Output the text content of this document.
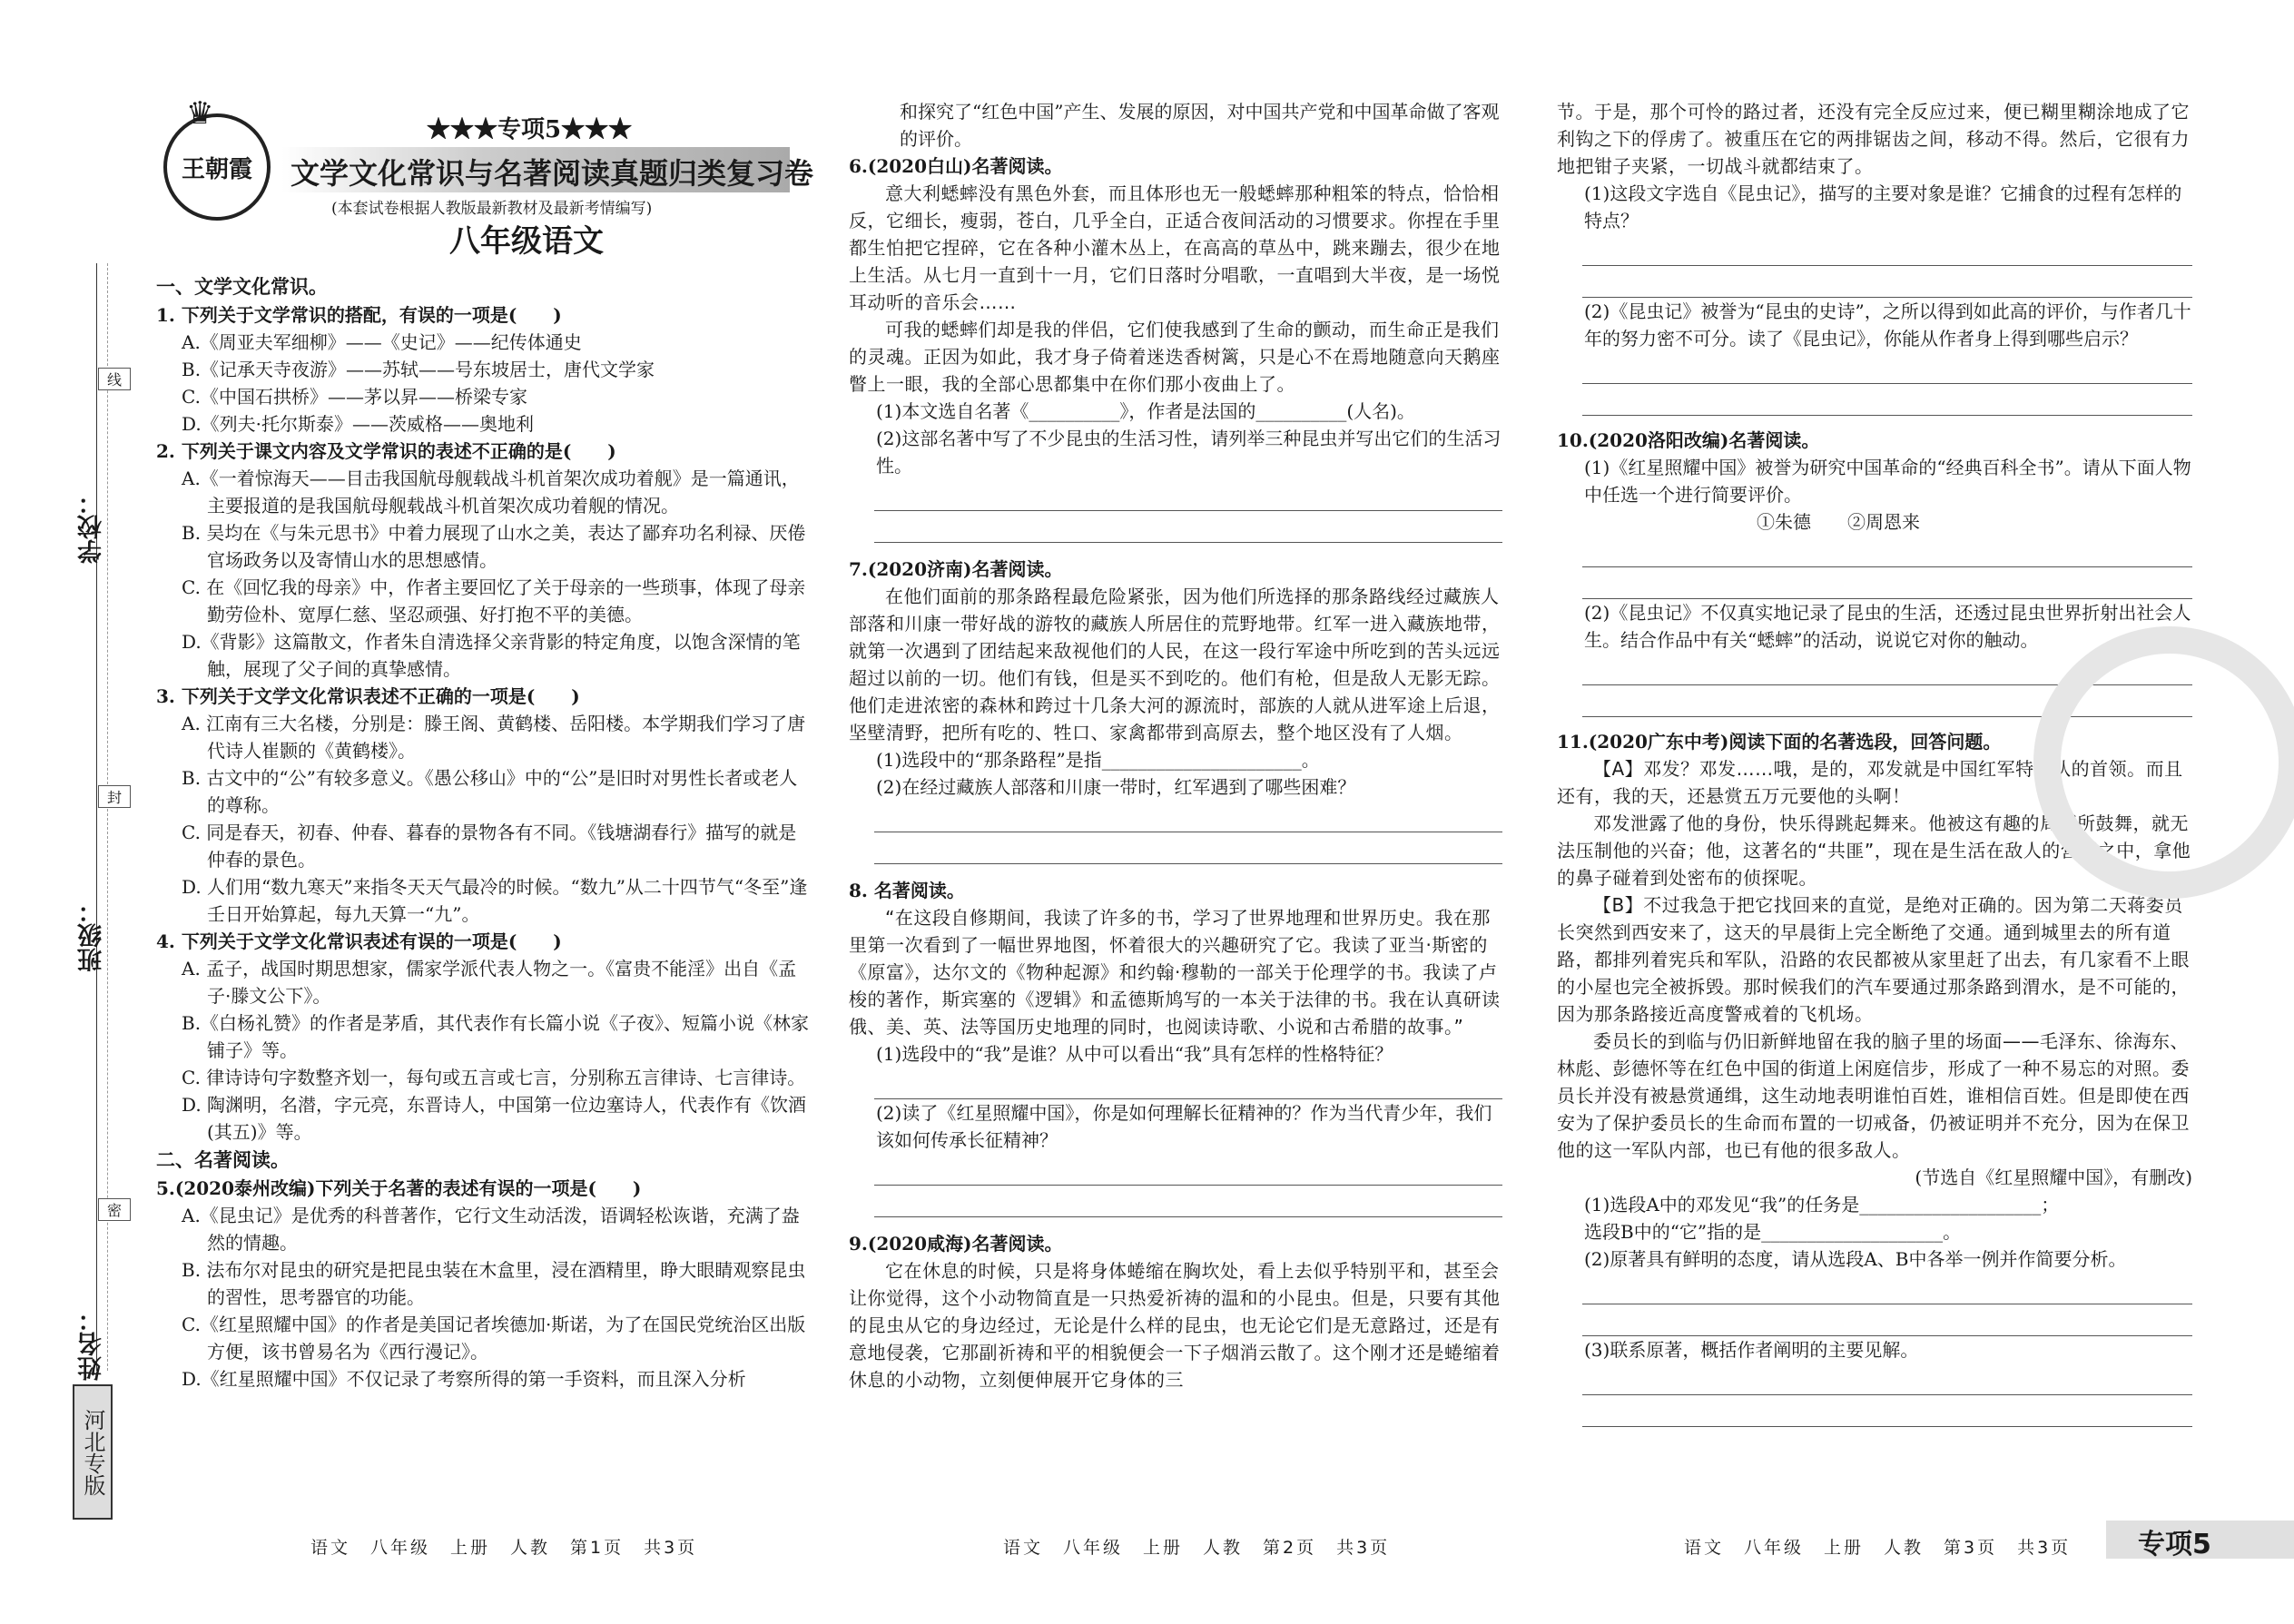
线
封
密
学校：
班级：
姓名：
河北专版
王朝霞
♛	★★★专项5★★★
文学文化常识与名著阅读真题归类复习卷
(本套试卷根据人教版最新教材及最新考情编写)
八年级语文
一、文学文化常识。
1. 下列关于文学常识的搭配，有误的一项是(　　)
A.《周亚夫军细柳》——《史记》——纪传体通史
B.《记承天寺夜游》——苏轼——号东坡居士，唐代文学家
C.《中国石拱桥》——茅以昇——桥梁专家
D.《列夫·托尔斯泰》——茨威格——奥地利
2. 下列关于课文内容及文学常识的表述不正确的是(　　)
A.《一着惊海天——目击我国航母舰载战斗机首架次成功着舰》是一篇通讯，主要报道的是我国航母舰载战斗机首架次成功着舰的情况。
B. 吴均在《与朱元思书》中着力展现了山水之美，表达了鄙弃功名利禄、厌倦官场政务以及寄情山水的思想感情。
C. 在《回忆我的母亲》中，作者主要回忆了关于母亲的一些琐事，体现了母亲勤劳俭朴、宽厚仁慈、坚忍顽强、好打抱不平的美德。
D.《背影》这篇散文，作者朱自清选择父亲背影的特定角度，以饱含深情的笔触，展现了父子间的真挚感情。
3. 下列关于文学文化常识表述不正确的一项是(　　)
A. 江南有三大名楼，分别是：滕王阁、黄鹤楼、岳阳楼。本学期我们学习了唐代诗人崔颢的《黄鹤楼》。
B. 古文中的“公”有较多意义。《愚公移山》中的“公”是旧时对男性长者或老人的尊称。
C. 同是春天，初春、仲春、暮春的景物各有不同。《钱塘湖春行》描写的就是仲春的景色。
D. 人们用“数九寒天”来指冬天天气最冷的时候。“数九”从二十四节气“冬至”逢壬日开始算起，每九天算一“九”。
4. 下列关于文学文化常识表述有误的一项是(　　)
A. 孟子，战国时期思想家，儒家学派代表人物之一。《富贵不能淫》出自《孟子·滕文公下》。
B.《白杨礼赞》的作者是茅盾，其代表作有长篇小说《子夜》、短篇小说《林家铺子》等。
C. 律诗诗句字数整齐划一，每句或五言或七言，分别称五言律诗、七言律诗。
D. 陶渊明，名潜，字元亮，东晋诗人，中国第一位边塞诗人，代表作有《饮酒(其五)》等。
二、名著阅读。
5.(2020泰州改编)下列关于名著的表述有误的一项是(　　)
A.《昆虫记》是优秀的科普著作，它行文生动活泼，语调轻松诙谐，充满了盎然的情趣。
B. 法布尔对昆虫的研究是把昆虫装在木盒里，浸在酒精里，睁大眼睛观察昆虫的習性，思考器官的功能。
C.《红星照耀中国》的作者是美国记者埃德加·斯诺，为了在国民党统治区出版方便，该书曾易名为《西行漫记》。
D.《红星照耀中国》不仅记录了考察所得的第一手资料，而且深入分析
语文　八年级　上册　人教　第1页　共3页
和探究了“红色中国”产生、发展的原因，对中国共产党和中国革命做了客观的评价。
6.(2020白山)名著阅读。
意大利蟋蟀没有黑色外套，而且体形也无一般蟋蟀那种粗笨的特点，恰恰相反，它细长，瘦弱，苍白，几乎全白，正适合夜间活动的习惯要求。你捏在手里都生怕把它捏碎，它在各种小灌木丛上，在高高的草丛中，跳来蹦去，很少在地上生活。从七月一直到十一月，它们日落时分唱歌，一直唱到大半夜，是一场悦耳动听的音乐会……
可我的蟋蟀们却是我的伴侣，它们使我感到了生命的颤动，而生命正是我们的灵魂。正因为如此，我才身子倚着迷迭香树篱，只是心不在焉地随意向天鹅座瞥上一眼，我的全部心思都集中在你们那小夜曲上了。
(1)本文选自名著《__________》，作者是法国的__________(人名)。
(2)这部名著中写了不少昆虫的生活习性，请列举三种昆虫并写出它们的生活习性。
7.(2020济南)名著阅读。
在他们面前的那条路程最危险紧张，因为他们所选择的那条路线经过藏族人部落和川康一带好战的游牧的藏族人所居住的荒野地带。红军一进入藏族地带，就第一次遇到了团结起来敌视他们的人民，在这一段行军途中所吃到的苦头远远超过以前的一切。他们有钱，但是买不到吃的。他们有枪，但是敌人无影无踪。他们走进浓密的森林和跨过十几条大河的源流时，部族的人就从进军途上后退，坚壁清野，把所有吃的、牲口、家禽都带到高原去，整个地区没有了人烟。
(1)选段中的“那条路程”是指______________________。
(2)在经过藏族人部落和川康一带时，红军遇到了哪些困难？
8. 名著阅读。
“在这段自修期间，我读了许多的书，学习了世界地理和世界历史。我在那里第一次看到了一幅世界地图，怀着很大的兴趣研究了它。我读了亚当·斯密的《原富》，达尔文的《物种起源》和约翰·穆勒的一部关于伦理学的书。我读了卢梭的著作，斯宾塞的《逻辑》和孟德斯鸠写的一本关于法律的书。我在认真研读俄、美、英、法等国历史地理的同时，也阅读诗歌、小说和古希腊的故事。”
(1)选段中的“我”是谁？从中可以看出“我”具有怎样的性格特征？
(2)读了《红星照耀中国》，你是如何理解长征精神的？作为当代青少年，我们该如何传承长征精神？
9.(2020咸海)名著阅读。
它在休息的时候，只是将身体蜷缩在胸坎处，看上去似乎特别平和，甚至会让你觉得，这个小动物简直是一只热爱祈祷的温和的小昆虫。但是，只要有其他的昆虫从它的身边经过，无论是什么样的昆虫，也无论它们是无意路过，还是有意地侵袭，它那副祈祷和平的相貌便会一下子烟消云散了。这个刚才还是蜷缩着休息的小动物，立刻便伸展开它身体的三
语文　八年级　上册　人教　第2页　共3页
节。于是，那个可怜的路过者，还没有完全反应过来，便已糊里糊涂地成了它利钩之下的俘虏了。被重压在它的两排锯齿之间，移动不得。然后，它很有力地把钳子夹紧，一切战斗就都结束了。
(1)这段文字选自《昆虫记》，描写的主要对象是谁？它捕食的过程有怎样的特点？
(2)《昆虫记》被誉为“昆虫的史诗”，之所以得到如此高的评价，与作者几十年的努力密不可分。读了《昆虫记》，你能从作者身上得到哪些启示？
10.(2020洛阳改编)名著阅读。
(1)《红星照耀中国》被誉为研究中国革命的“经典百科全书”。请从下面人物中任选一个进行简要评价。
①朱德　　②周恩来
(2)《昆虫记》不仅真实地记录了昆虫的生活，还透过昆虫世界折射出社会人生。结合作品中有关“蟋蟀”的活动，说说它对你的触动。
11.(2020广东中考)阅读下面的名著选段，回答问题。
【A】邓发？邓发……哦，是的，邓发就是中国红军特务队的首领。而且还有，我的天，还悬赏五万元要他的头啊！
邓发泄露了他的身份，快乐得跳起舞来。他被这有趣的局面所鼓舞，就无法压制他的兴奋；他，这著名的“共匪”，现在是生活在敌人的营幕之中，拿他的鼻子碰着到处密布的侦探呢。
【B】不过我急于把它找回来的直觉，是绝对正确的。因为第二天蒋委员长突然到西安来了，这天的早晨街上完全断绝了交通。通到城里去的所有道路，都排列着宪兵和军队，沿路的农民都被从家里赶了出去，有几家看不上眼的小屋也完全被拆毁。那时候我们的汽车要通过那条路到渭水，是不可能的，因为那条路接近高度警戒着的飞机场。
委员长的到临与仍旧新鲜地留在我的脑子里的场面——毛泽东、徐海东、林彪、彭德怀等在红色中国的街道上闲庭信步，形成了一种不易忘的对照。委员长并没有被悬赏通缉，这生动地表明谁怕百姓，谁相信百姓。但是即使在西安为了保护委员长的生命而布置的一切戒备，仍被证明并不充分，因为在保卫他的这一军队内部，也已有他的很多敌人。
(节选自《红星照耀中国》，有删改)
(1)选段A中的邓发见“我”的任务是____________________；
选段B中的“它”指的是____________________。
(2)原著具有鲜明的态度，请从选段A、B中各举一例并作简要分析。
(3)联系原著，概括作者阐明的主要见解。
语文　八年级　上册　人教　第3页　共3页 专项5
